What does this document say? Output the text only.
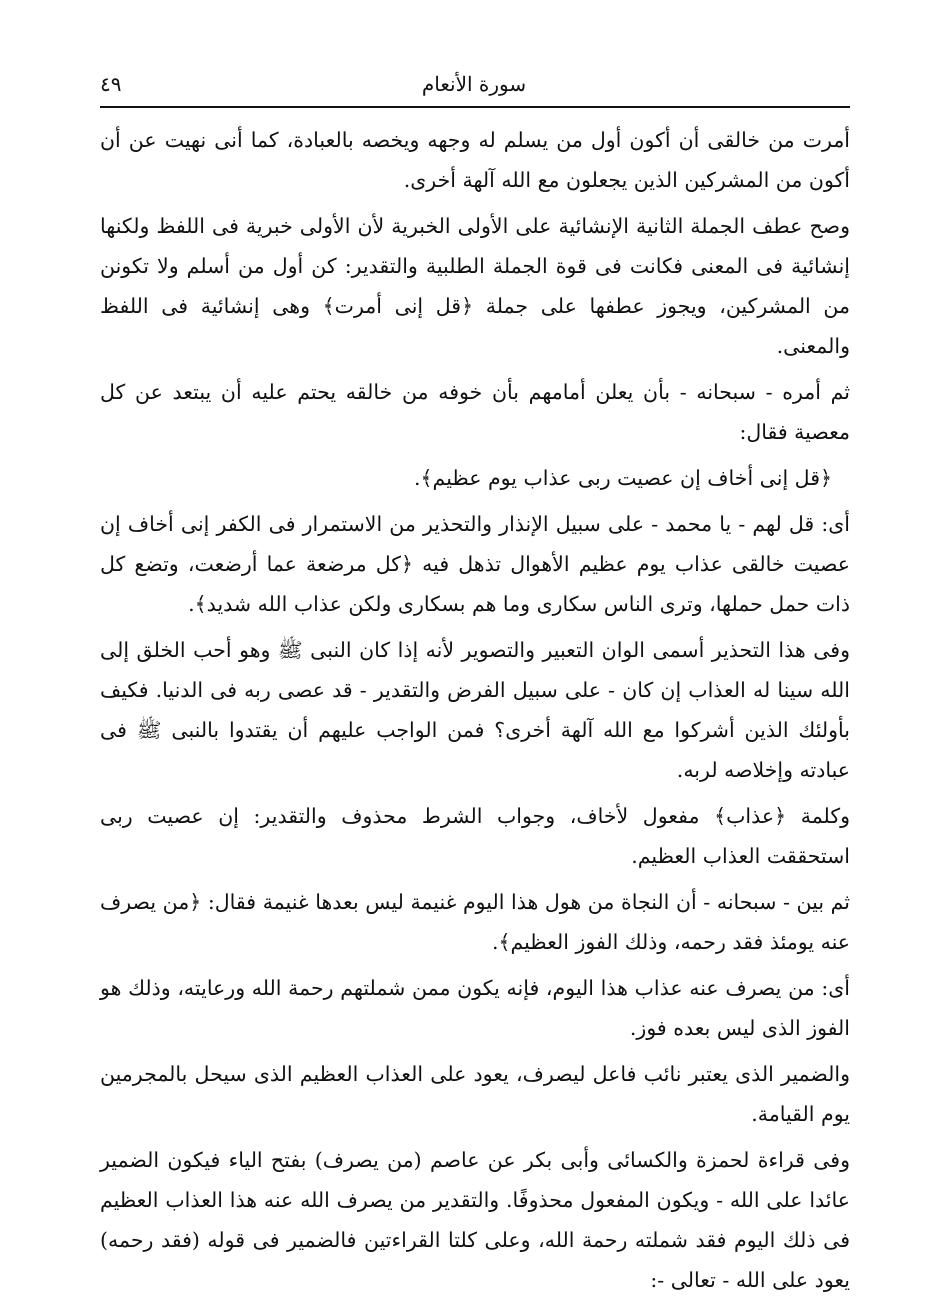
سورة الأنعام
٤٩

أمرت من خالقى أن أكون أول من يسلم له وجهه ويخصه بالعبادة، كما أنى نهيت عن أن أكون من المشركين الذين يجعلون مع الله آلهة أخرى.

وصح عطف الجملة الثانية الإنشائية على الأولى الخبرية لأن الأولى خبرية فى اللفظ ولكنها إنشائية فى المعنى فكانت فى قوة الجملة الطلبية والتقدير: كن أول من أسلم ولا تكونن من المشركين، ويجوز عطفها على جملة ﴿قل إنى أمرت﴾ وهى إنشائية فى اللفظ والمعنى.

ثم أمره - سبحانه - بأن يعلن أمامهم بأن خوفه من خالقه يحتم عليه أن يبتعد عن كل معصية فقال:

﴿قل إنى أخاف إن عصيت ربى عذاب يوم عظيم﴾.

أى: قل لهم - يا محمد - على سبيل الإنذار والتحذير من الاستمرار فى الكفر إنى أخاف إن عصيت خالقى عذاب يوم عظيم الأهوال تذهل فيه ﴿كل مرضعة عما أرضعت، وتضع كل ذات حمل حملها، وترى الناس سكارى وما هم بسكارى ولكن عذاب الله شديد﴾.

وفى هذا التحذير أسمى الوان التعبير والتصوير لأنه إذا كان النبى ﷺ وهو أحب الخلق إلى الله سينا له العذاب إن كان - على سبيل الفرض والتقدير - قد عصى ربه فى الدنيا. فكيف بأولئك الذين أشركوا مع الله آلهة أخرى؟ فمن الواجب عليهم أن يقتدوا بالنبى ﷺ فى عبادته وإخلاصه لربه.

وكلمة ﴿عذاب﴾ مفعول لأخاف، وجواب الشرط محذوف والتقدير: إن عصيت ربى استحققت العذاب العظيم.

ثم بين - سبحانه - أن النجاة من هول هذا اليوم غنيمة ليس بعدها غنيمة فقال: ﴿من يصرف عنه يومئذ فقد رحمه، وذلك الفوز العظيم﴾.

أى: من يصرف عنه عذاب هذا اليوم، فإنه يكون ممن شملتهم رحمة الله ورعايته، وذلك هو الفوز الذى ليس بعده فوز.

والضمير الذى يعتبر نائب فاعل ليصرف، يعود على العذاب العظيم الذى سيحل بالمجرمين يوم القيامة.

وفى قراءة لحمزة والكسائى وأبى بكر عن عاصم (من يصرف) بفتح الياء فيكون الضمير عائدا على الله - ويكون المفعول محذوفًا. والتقدير من يصرف الله عنه هذا العذاب العظيم فى ذلك اليوم فقد شملته رحمة الله، وعلى كلتا القراءتين فالضمير فى قوله (فقد رحمه) يعود على الله - تعالى -:
